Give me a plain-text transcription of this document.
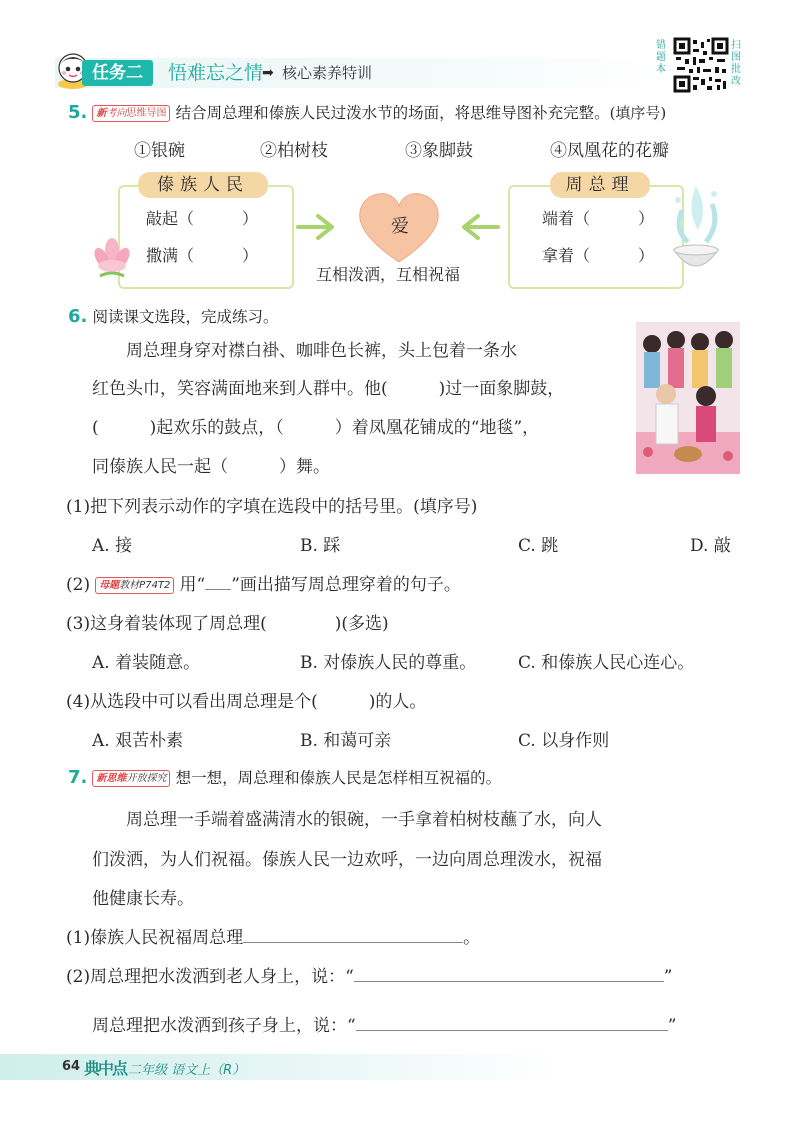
任务二	悟难忘之情
➡ 核心素养特训
错题本
扫图批改
5. 新考向思维导图 结合周总理和傣族人民过泼水节的场面，将思维导图补充完整。(填序号)
①银碗	②柏树枝	③象脚鼓	④凤凰花的花瓣
傣族人民
敲起（　　　）
撒满（　　　）
爱
互相泼洒，互相祝福
周总理
端着（　　　）
拿着（　　　）
6. 阅读课文选段，完成练习。
周总理身穿对襟白褂、咖啡色长裤，头上包着一条水
红色头巾，笑容满面地来到人群中。他(　　　)过一面象脚鼓，
(　　　)起欢乐的鼓点，（　　　）着凤凰花铺成的“地毯”，
同傣族人民一起（　　　）舞。
(1)把下列表示动作的字填在选段中的括号里。(填序号)
A. 接	B. 踩	C. 跳	D. 敲
(2) 母题教材P74T2 用“ ”画出描写周总理穿着的句子。
(3)这身着装体现了周总理(　　　　)(多选)
A. 着装随意。	B. 对傣族人民的尊重。 C. 和傣族人民心连心。
(4)从选段中可以看出周总理是个(　　　)的人。
A. 艰苦朴素	B. 和蔼可亲	C. 以身作则
7. 新思维开放探究 想一想，周总理和傣族人民是怎样相互祝福的。
周总理一手端着盛满清水的银碗，一手拿着柏树枝蘸了水，向人
们泼洒，为人们祝福。傣族人民一边欢呼，一边向周总理泼水，祝福
他健康长寿。
(1)傣族人民祝福周总理	。
(2)周总理把水泼洒到老人身上，说：“	”
周总理把水泼洒到孩子身上，说：“	”
64 典中点 二年级 语文上（R）
